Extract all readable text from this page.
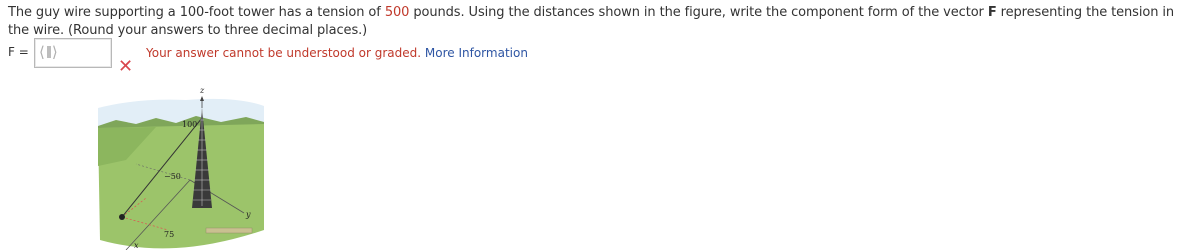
The guy wire supporting a 100-foot tower has a tension of 500 pounds. Using the distances shown in the figure, write the component form of the vector F representing the tension in the wire. (Round your answers to three decimal places.)
F = ⟨ ⟩
✕
Your answer cannot be understood or graded. More Information
z
100
−50
y
75
x
